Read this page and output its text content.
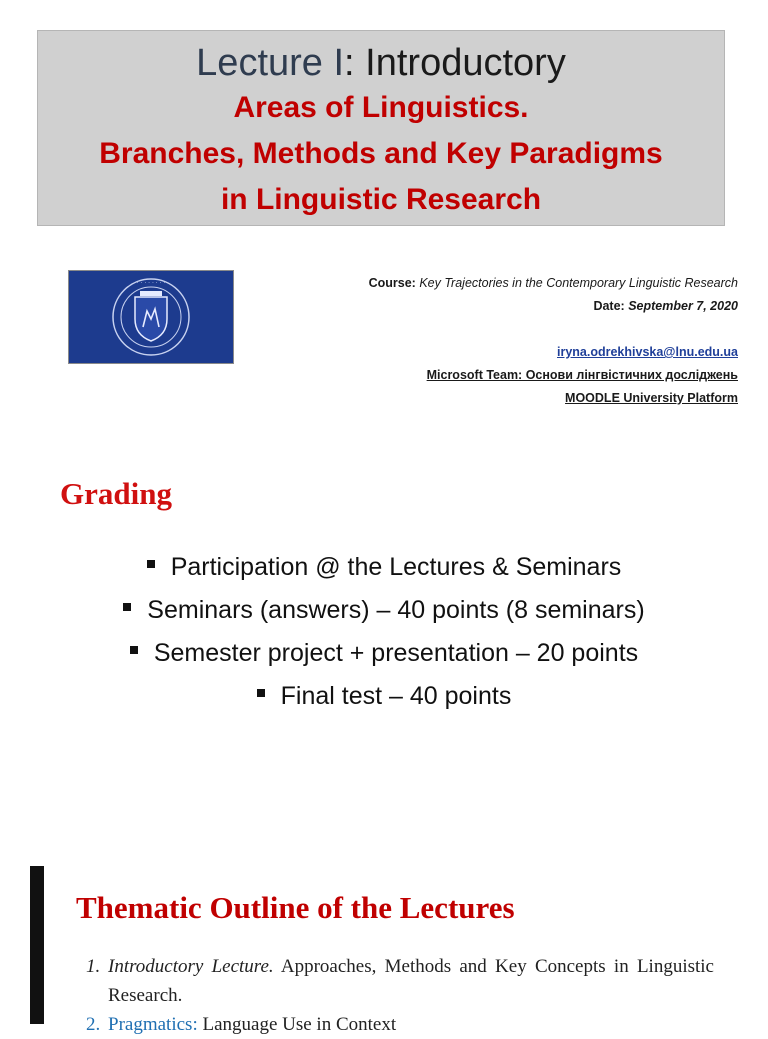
Lecture I: Introductory
Areas of Linguistics.
Branches, Methods and Key Paradigms
in Linguistic Research
· · · · · · · ·	Course: Key Trajectories in the Contemporary Linguistic Research
Date: September 7, 2020
iryna.odrekhivska@lnu.edu.ua
Microsoft Team: Основи лінгвістичних досліджень
MOODLE University Platform
Grading
Participation @ the Lectures & Seminars
Seminars (answers) – 40 points (8 seminars)
Semester project + presentation – 20 points
Final test – 40 points
Thematic Outline of the Lectures
1. Introductory Lecture. Approaches, Methods and Key Concepts in Linguistic Research.
2. Pragmatics: Language Use in Context
